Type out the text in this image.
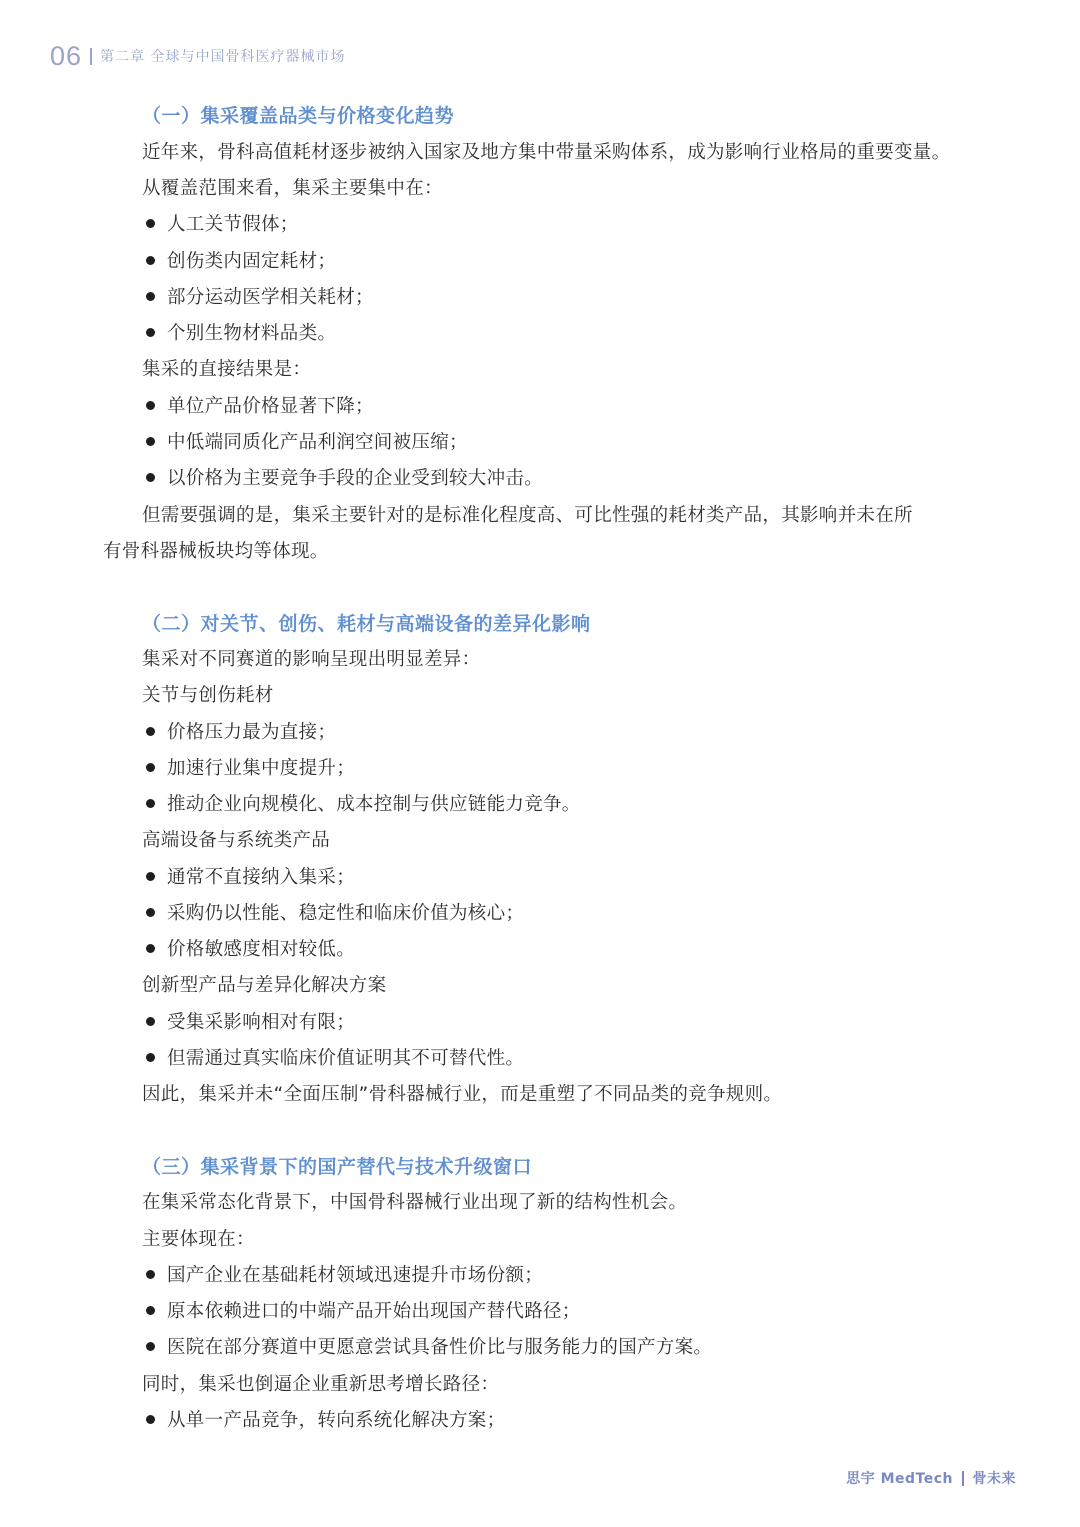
06 第二章 全球与中国骨科医疗器械市场
（一）集采覆盖品类与价格变化趋势
近年来，骨科高值耗材逐步被纳入国家及地方集中带量采购体系，成为影响行业格局的重要变量。
从覆盖范围来看，集采主要集中在：
人工关节假体；
创伤类内固定耗材；
部分运动医学相关耗材；
个别生物材料品类。
集采的直接结果是：
单位产品价格显著下降；
中低端同质化产品利润空间被压缩；
以价格为主要竞争手段的企业受到较大冲击。
但需要强调的是，集采主要针对的是标准化程度高、可比性强的耗材类产品，其影响并未在所
有骨科器械板块均等体现。
（二）对关节、创伤、耗材与高端设备的差异化影响
集采对不同赛道的影响呈现出明显差异：
关节与创伤耗材
价格压力最为直接；
加速行业集中度提升；
推动企业向规模化、成本控制与供应链能力竞争。
高端设备与系统类产品
通常不直接纳入集采；
采购仍以性能、稳定性和临床价值为核心；
价格敏感度相对较低。
创新型产品与差异化解决方案
受集采影响相对有限；
但需通过真实临床价值证明其不可替代性。
因此，集采并未“全面压制”骨科器械行业，而是重塑了不同品类的竞争规则。
（三）集采背景下的国产替代与技术升级窗口
在集采常态化背景下，中国骨科器械行业出现了新的结构性机会。
主要体现在：
国产企业在基础耗材领域迅速提升市场份额；
原本依赖进口的中端产品开始出现国产替代路径；
医院在部分赛道中更愿意尝试具备性价比与服务能力的国产方案。
同时，集采也倒逼企业重新思考增长路径：
从单一产品竞争，转向系统化解决方案；
思宇 MedTech 骨未来
